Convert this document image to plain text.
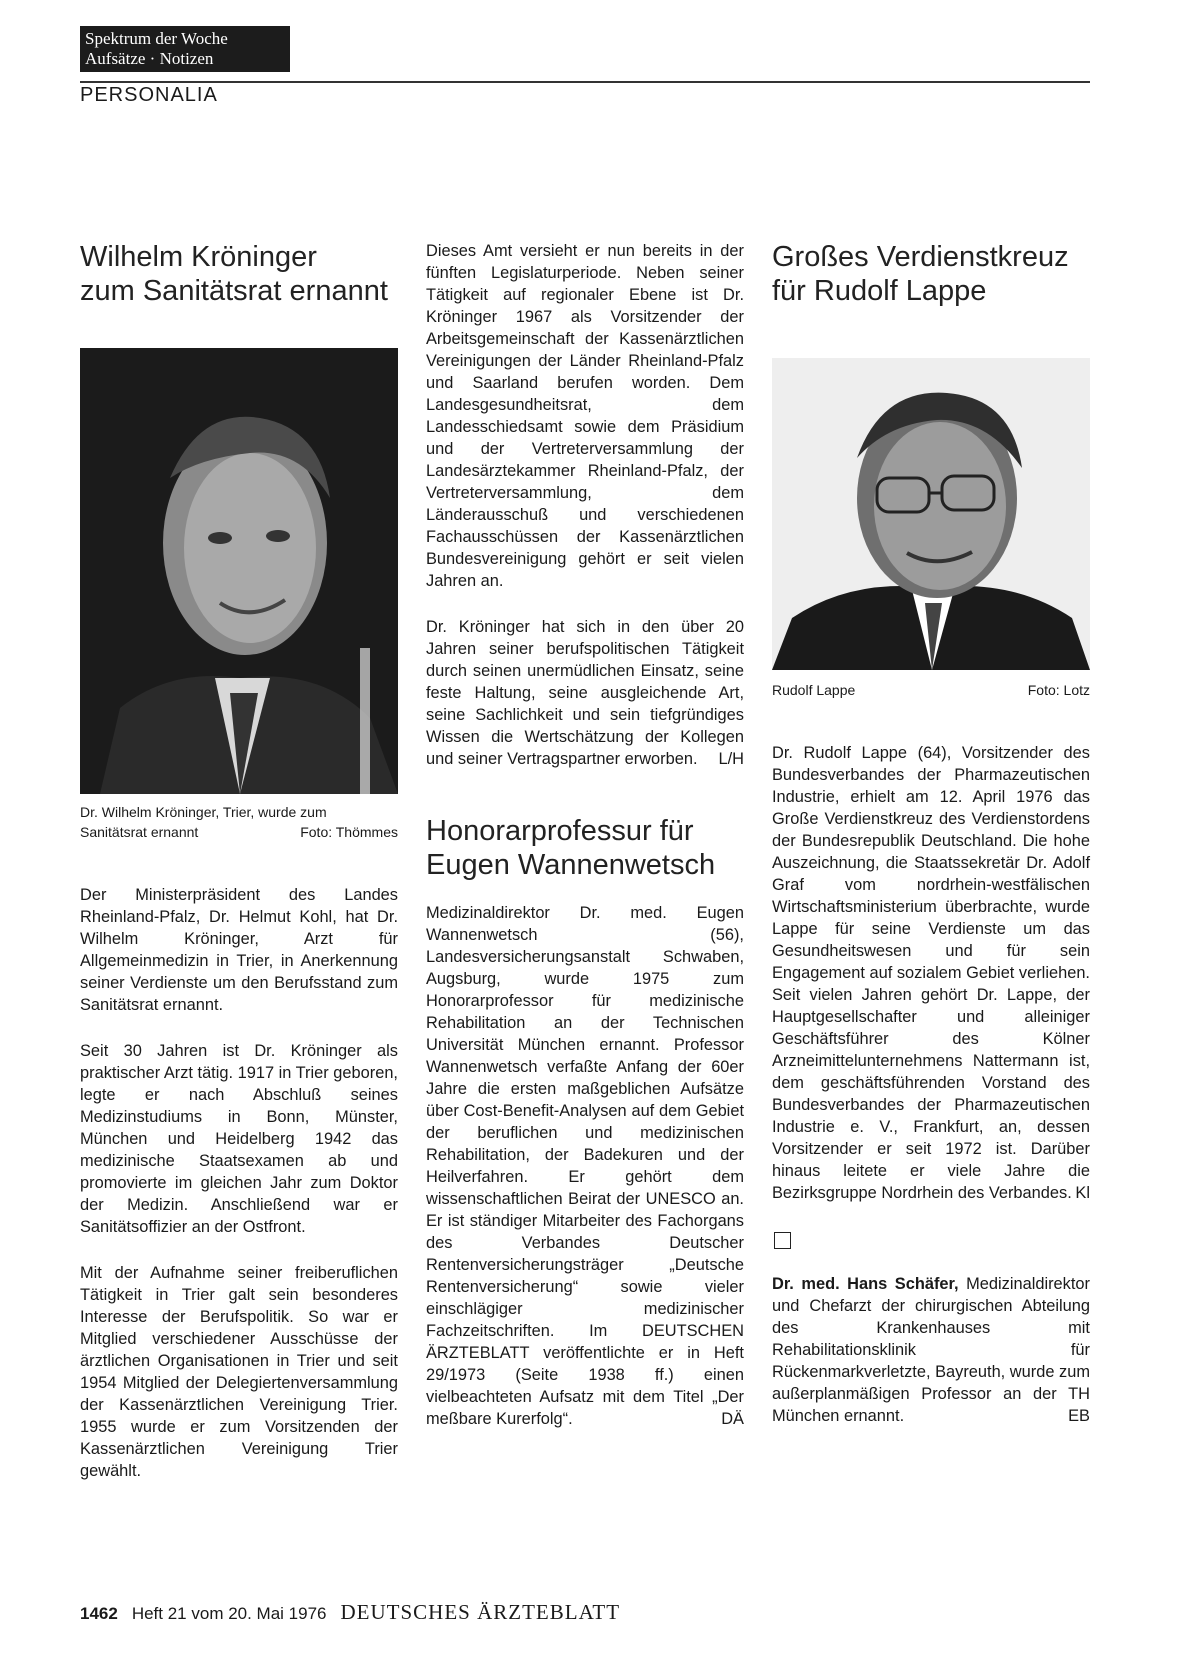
Spektrum der Woche
Aufsätze · Notizen
PERSONALIA
Wilhelm Kröninger
zum Sanitätsrat ernannt
Dr. Wilhelm Kröninger, Trier, wurde zum
Sanitätsrat ernannt	Foto: Thömmes

Der Ministerpräsident des Landes Rheinland-Pfalz, Dr. Helmut Kohl, hat Dr. Wilhelm Kröninger, Arzt für Allgemeinmedizin in Trier, in Anerkennung seiner Verdienste um den Berufsstand zum Sanitätsrat ernannt.

Seit 30 Jahren ist Dr. Kröninger als praktischer Arzt tätig. 1917 in Trier geboren, legte er nach Abschluß seines Medizinstudiums in Bonn, Münster, München und Heidelberg 1942 das medizinische Staatsexamen ab und promovierte im gleichen Jahr zum Doktor der Medizin. Anschließend war er Sanitätsoffizier an der Ostfront.

Mit der Aufnahme seiner freiberuflichen Tätigkeit in Trier galt sein besonderes Interesse der Berufspolitik. So war er Mitglied verschiedener Ausschüsse der ärztlichen Organisationen in Trier und seit 1954 Mitglied der Delegiertenversammlung der Kassenärztlichen Vereinigung Trier. 1955 wurde er zum Vorsitzenden der Kassenärztlichen Vereinigung Trier gewählt.

Dieses Amt versieht er nun bereits in der fünften Legislaturperiode. Neben seiner Tätigkeit auf regionaler Ebene ist Dr. Kröninger 1967 als Vorsitzender der Arbeitsgemeinschaft der Kassenärztlichen Vereinigungen der Länder Rheinland-Pfalz und Saarland berufen worden. Dem Landesgesundheitsrat, dem Landesschiedsamt sowie dem Präsidium und der Vertreterversammlung der Landesärztekammer Rheinland-Pfalz, der Vertreterversammlung, dem Länderausschuß und verschiedenen Fachausschüssen der Kassenärztlichen Bundesvereinigung gehört er seit vielen Jahren an.

Dr. Kröninger hat sich in den über 20 Jahren seiner berufspolitischen Tätigkeit durch seinen unermüdlichen Einsatz, seine feste Haltung, seine ausgleichende Art, seine Sachlichkeit und sein tiefgründiges Wissen die Wertschätzung der Kollegen und seiner Vertragspartner erworben. L/H

Honorarprofessur für
Eugen Wannenwetsch

Medizinaldirektor Dr. med. Eugen Wannenwetsch (56), Landesversicherungsanstalt Schwaben, Augsburg, wurde 1975 zum Honorarprofessor für medizinische Rehabilitation an der Technischen Universität München ernannt. Professor Wannenwetsch verfaßte Anfang der 60er Jahre die ersten maßgeblichen Aufsätze über Cost-Benefit-Analysen auf dem Gebiet der beruflichen und medizinischen Rehabilitation, der Badekuren und der Heilverfahren. Er gehört dem wissenschaftlichen Beirat der UNESCO an. Er ist ständiger Mitarbeiter des Fachorgans des Verbandes Deutscher Rentenversicherungsträger „Deutsche Rentenversicherung“ sowie vieler einschlägiger medizinischer Fachzeitschriften. Im DEUTSCHEN ÄRZTEBLATT veröffentlichte er in Heft 29/1973 (Seite 1938 ff.) einen vielbeachteten Aufsatz mit dem Titel „Der meßbare Kurerfolg“.	DÄ

Großes Verdienstkreuz
für Rudolf Lappe
Rudolf Lappe	Foto: Lotz

Dr. Rudolf Lappe (64), Vorsitzender des Bundesverbandes der Pharmazeutischen Industrie, erhielt am 12. April 1976 das Große Verdienstkreuz des Verdienstordens der Bundesrepublik Deutschland. Die hohe Auszeichnung, die Staatssekretär Dr. Adolf Graf vom nordrhein-westfälischen Wirtschaftsministerium überbrachte, wurde Lappe für seine Verdienste um das Gesundheitswesen und für sein Engagement auf sozialem Gebiet verliehen. Seit vielen Jahren gehört Dr. Lappe, der Hauptgesellschafter und alleiniger Geschäftsführer des Kölner Arzneimittelunternehmens Nattermann ist, dem geschäftsführenden Vorstand des Bundesverbandes der Pharmazeutischen Industrie e. V., Frankfurt, an, dessen Vorsitzender er seit 1972 ist. Darüber hinaus leitete er viele Jahre die Bezirksgruppe Nordrhein des Verbandes. Kl

Dr. med. Hans Schäfer, Medizinaldirektor und Chefarzt der chirurgischen Abteilung des Krankenhauses mit Rehabilitationsklinik für Rückenmarkverletzte, Bayreuth, wurde zum außerplanmäßigen Professor an der TH München ernannt.	EB

1462 Heft 21 vom 20. Mai 1976 DEUTSCHES ÄRZTEBLATT
